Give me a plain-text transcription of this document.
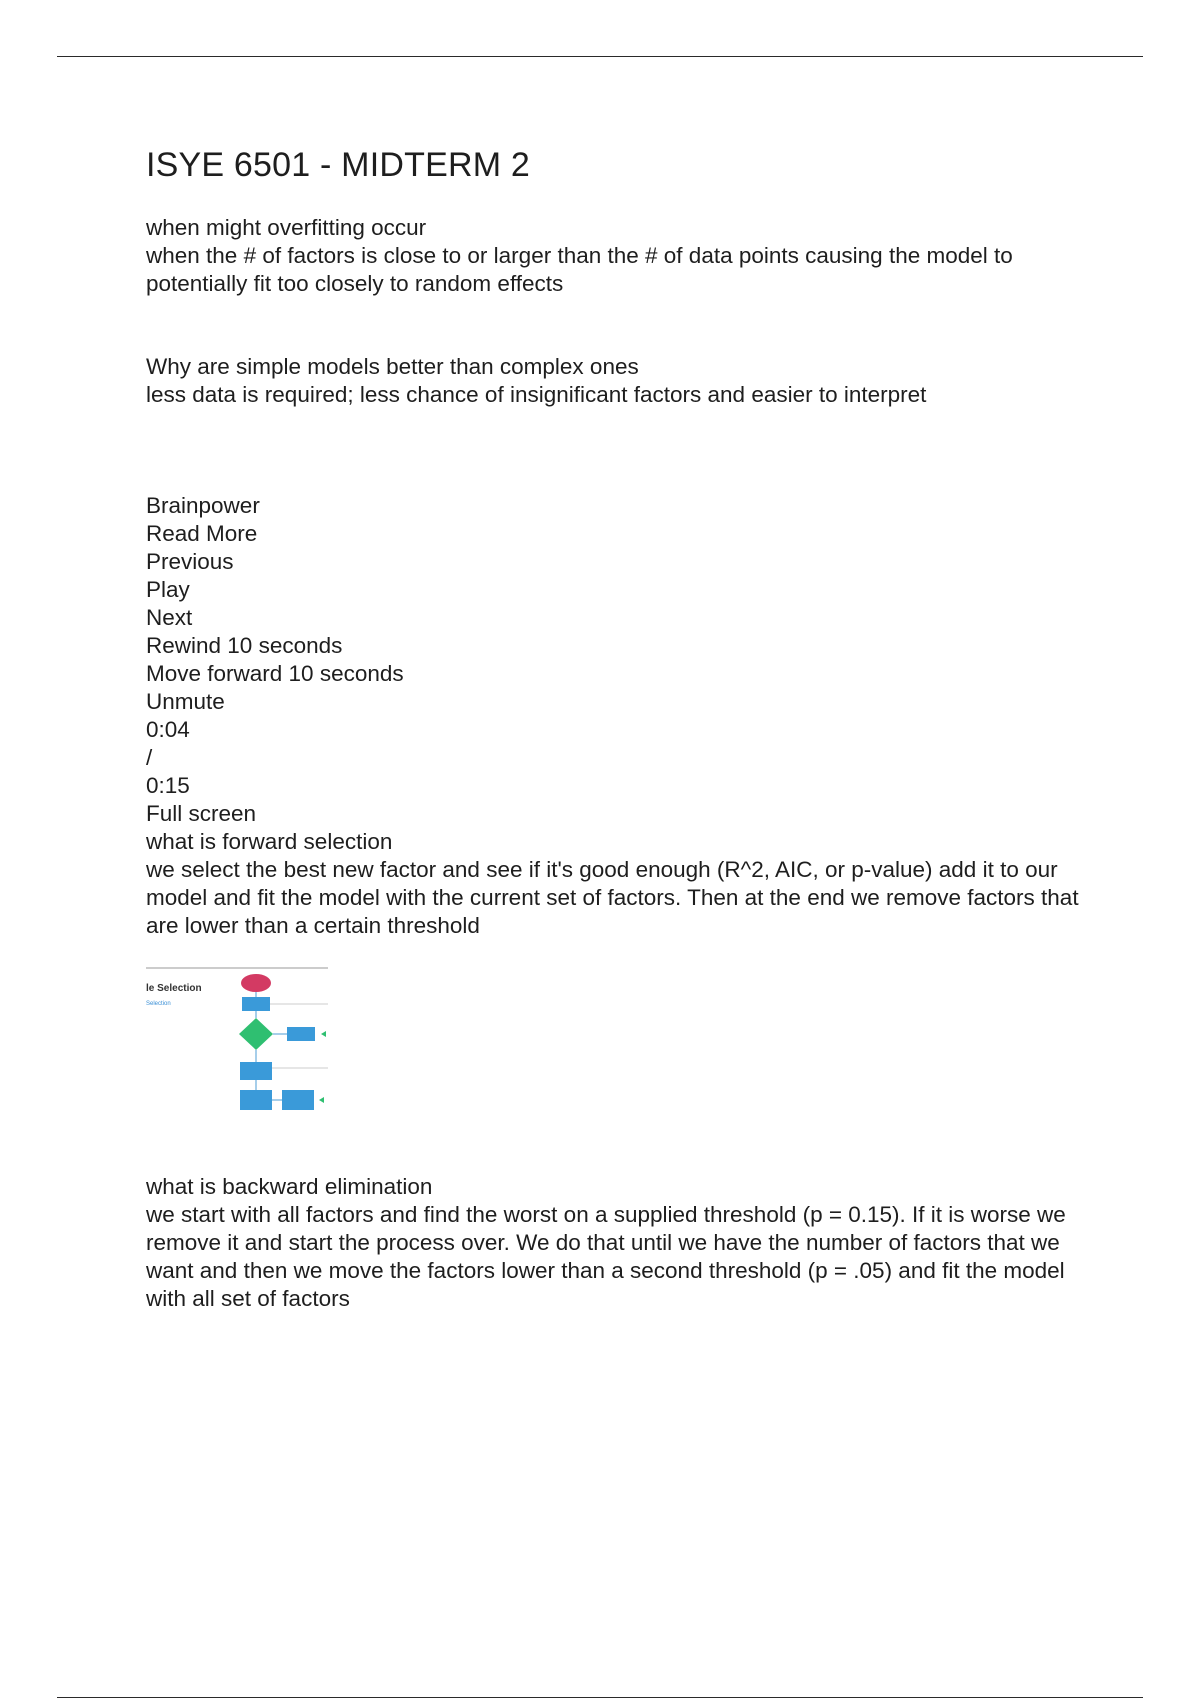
ISYE 6501 - MIDTERM 2

when might overfitting occur

when the # of factors is close to or larger than the # of data points causing the model to potentially fit too closely to random effects

Why are simple models better than complex ones

less data is required; less chance of insignificant factors and easier to interpret

Brainpower

Read More

Previous

Play

Next

Rewind 10 seconds

Move forward 10 seconds

Unmute

0:04

/

0:15

Full screen

what is forward selection

we select the best new factor and see if it's good enough (R^2, AIC, or p-value) add it to our model and fit the model with the current set of factors. Then at the end we remove factors that are lower than a certain threshold

le Selection
Selection

what is backward elimination

we start with all factors and find the worst on a supplied threshold (p = 0.15). If it is worse we remove it and start the process over. We do that until we have the number of factors that we want and then we move the factors lower than a second threshold (p = .05) and fit the model with all set of factors
